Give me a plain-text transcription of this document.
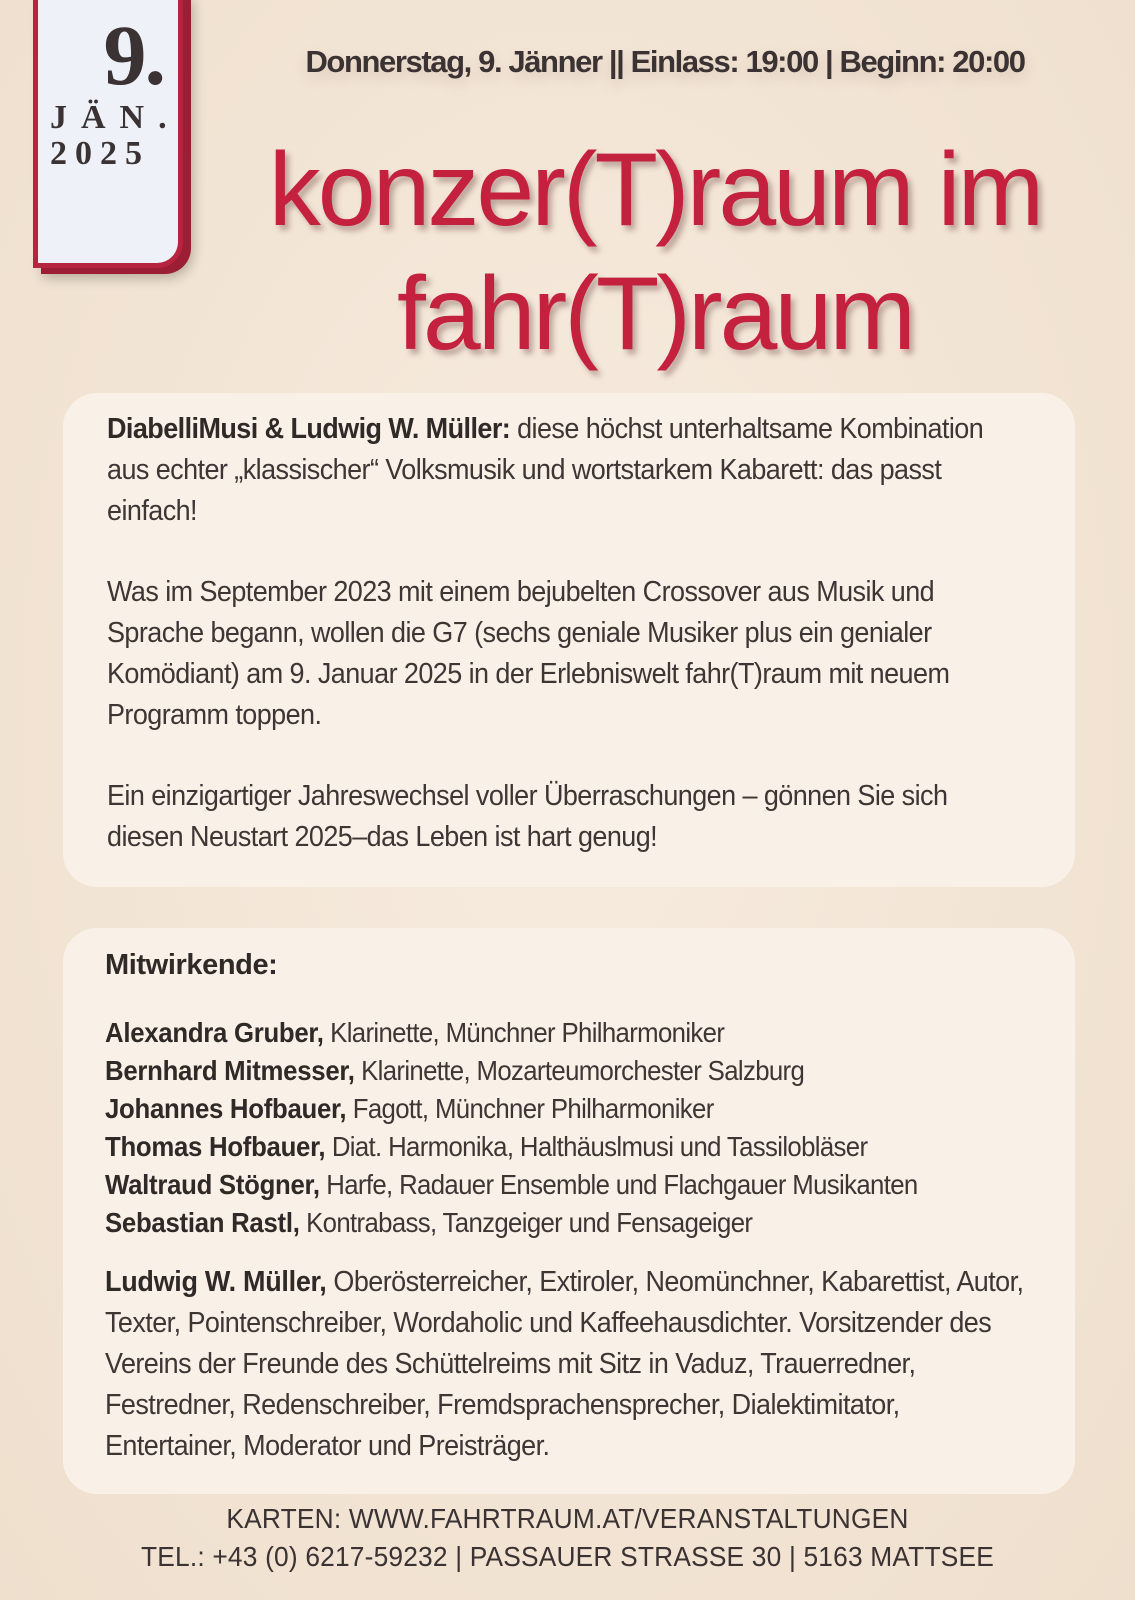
9.
JÄN.
2025
Donnerstag, 9. Jänner || Einlass: 19:00 | Beginn: 20:00
konzer(T)raum im
fahr(T)raum

DiabelliMusi & Ludwig W. Müller: diese höchst unterhaltsame Kombination aus echter „klassischer“ Volksmusik und wortstarkem Kabarett: das passt einfach!

Was im September 2023 mit einem bejubelten Crossover aus Musik und Sprache begann, wollen die G7 (sechs geniale Musiker plus ein genialer Komödiant) am 9. Januar 2025 in der Erlebniswelt fahr(T)raum mit neuem Programm toppen.

Ein einzigartiger Jahreswechsel voller Überraschungen – gönnen Sie sich diesen Neustart 2025–das Leben ist hart genug!

Mitwirkende:
Alexandra Gruber, Klarinette, Münchner Philharmoniker
Bernhard Mitmesser, Klarinette, Mozarteumorchester Salzburg
Johannes Hofbauer, Fagott, Münchner Philharmoniker
Thomas Hofbauer, Diat. Harmonika, Halthäuslmusi und Tassilobläser
Waltraud Stögner, Harfe, Radauer Ensemble und Flachgauer Musikanten
Sebastian Rastl, Kontrabass, Tanzgeiger und Fensageiger

Ludwig W. Müller, Oberösterreicher, Extiroler, Neomünchner, Kabarettist, Autor, Texter, Pointenschreiber, Wordaholic und Kaffeehausdichter. Vorsitzender des Vereins der Freunde des Schüttelreims mit Sitz in Vaduz, Trauerredner, Festredner, Redenschreiber, Fremdsprachensprecher, Dialektimitator, Entertainer, Moderator und Preisträger.

KARTEN: WWW.FAHRTRAUM.AT/VERANSTALTUNGEN
TEL.: +43 (0) 6217-59232 | PASSAUER STRASSE 30 | 5163 MATTSEE
